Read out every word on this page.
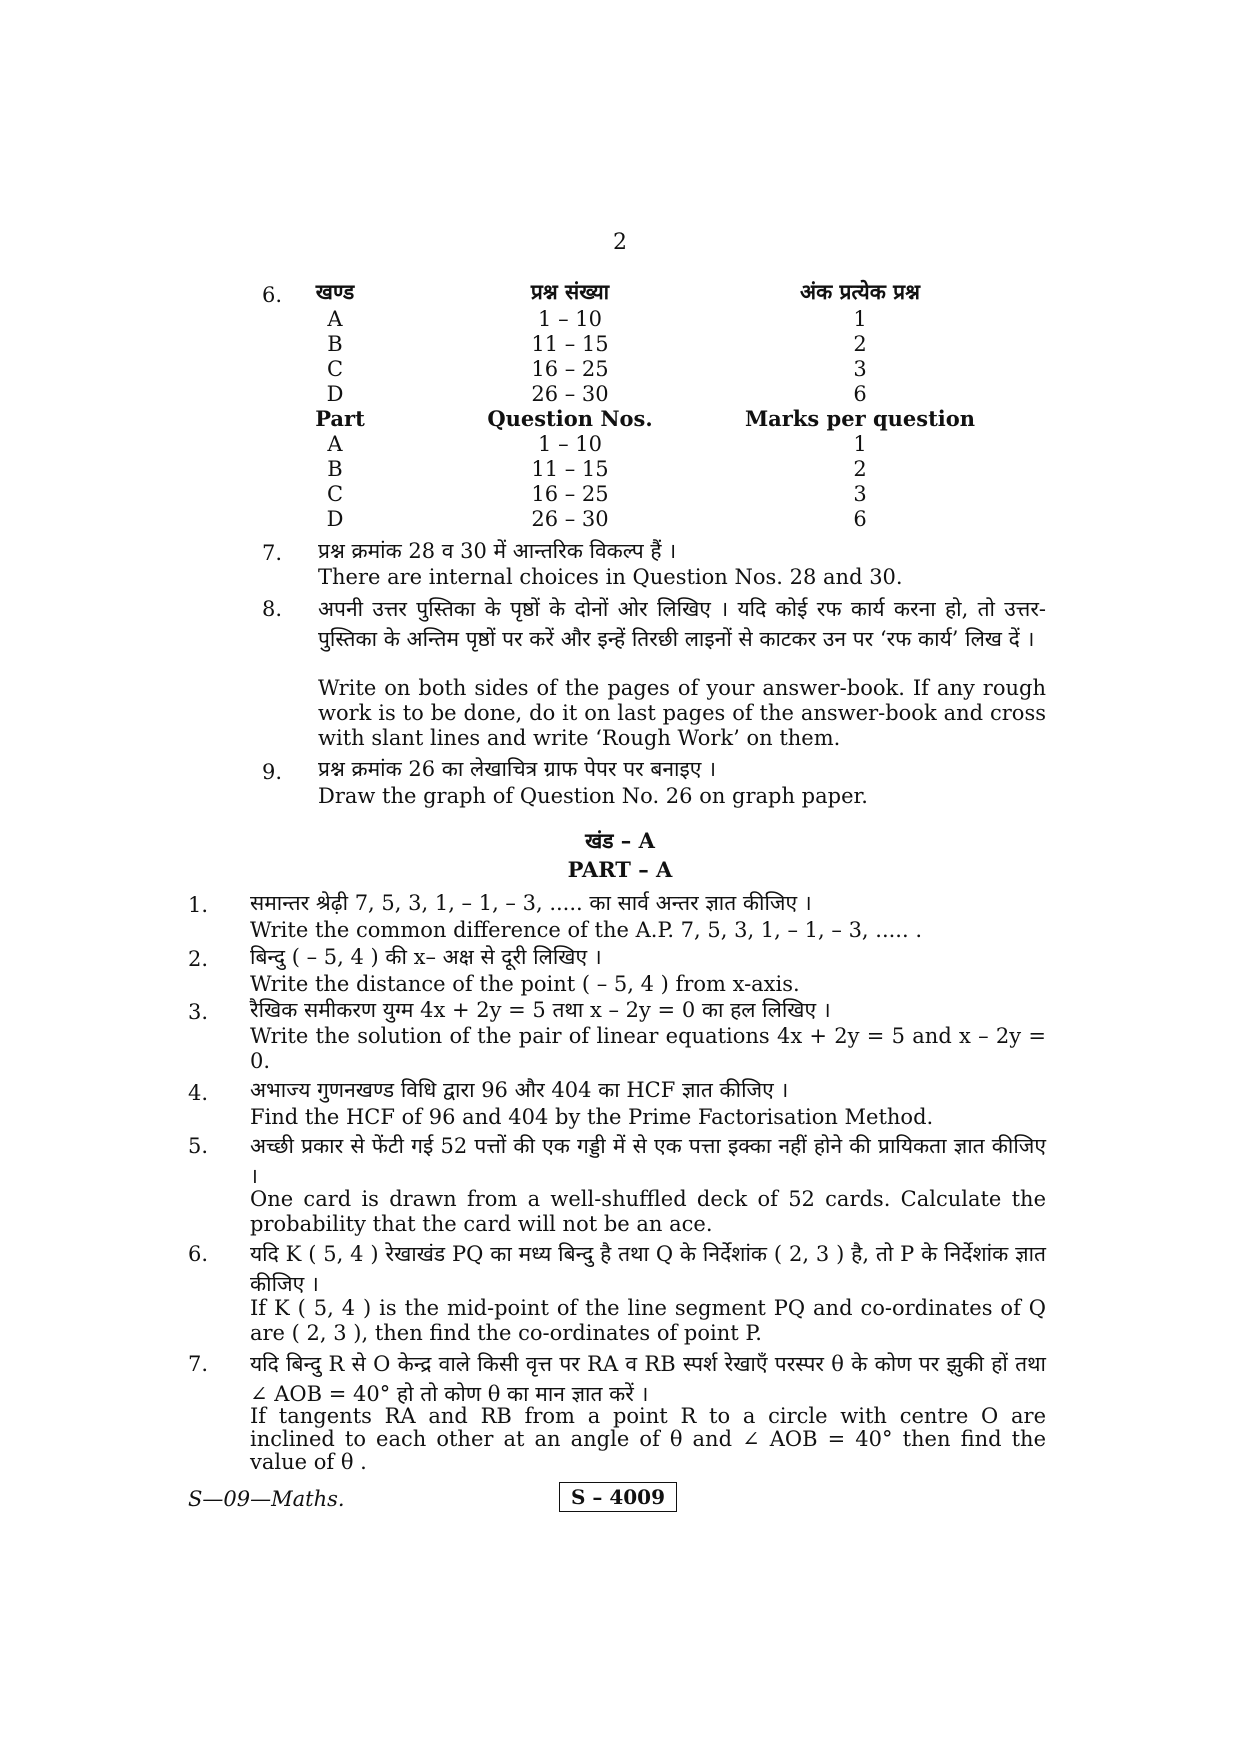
2
6.	खण्ड	प्रश्न संख्या	अंक प्रत्येक प्रश्न
A	1 – 10	1
B	11 – 15	2
C	16 – 25	3
D	26 – 30	6
Part	Question Nos.	Marks per question
A	1 – 10	1
B	11 – 15	2
C	16 – 25	3
D	26 – 30	6
7. प्रश्न क्रमांक 28 व 30 में आन्तरिक विकल्प हैं ।
There are internal choices in Question Nos. 28 and 30.
8. अपनी उत्तर पुस्तिका के पृष्ठों के दोनों ओर लिखिए । यदि कोई रफ कार्य करना हो, तो उत्तर-पुस्तिका के अन्तिम पृष्ठों पर करें और इन्हें तिरछी लाइनों से काटकर उन पर ‘रफ कार्य’ लिख दें ।
Write on both sides of the pages of your answer-book. If any rough work is to be done, do it on last pages of the answer-book and cross with slant lines and write ‘Rough Work’ on them.
9. प्रश्न क्रमांक 26 का लेखाचित्र ग्राफ पेपर पर बनाइए ।
Draw the graph of Question No. 26 on graph paper.
खंड – A
PART – A
1. समान्तर श्रेढ़ी 7, 5, 3, 1, – 1, – 3, ..... का सार्व अन्तर ज्ञात कीजिए ।
Write the common difference of the A.P. 7, 5, 3, 1, – 1, – 3, ..... .
2. बिन्दु ( – 5, 4 ) की x– अक्ष से दूरी लिखिए ।
Write the distance of the point ( – 5, 4 ) from x-axis.
3. रैखिक समीकरण युग्म 4x + 2y = 5 तथा x – 2y = 0 का हल लिखिए ।
Write the solution of the pair of linear equations 4x + 2y = 5 and x – 2y = 0.
4. अभाज्य गुणनखण्ड विधि द्वारा 96 और 404 का HCF ज्ञात कीजिए ।
Find the HCF of 96 and 404 by the Prime Factorisation Method.
5. अच्छी प्रकार से फेंटी गई 52 पत्तों की एक गड्डी में से एक पत्ता इक्का नहीं होने की प्रायिकता ज्ञात कीजिए ।
One card is drawn from a well-shuffled deck of 52 cards. Calculate the probability that the card will not be an ace.
6. यदि K ( 5, 4 ) रेखाखंड PQ का मध्य बिन्दु है तथा Q के निर्देशांक ( 2, 3 ) है, तो P के निर्देशांक ज्ञात कीजिए ।
If K ( 5, 4 ) is the mid-point of the line segment PQ and co-ordinates of Q are ( 2, 3 ), then find the co-ordinates of point P.
7. यदि बिन्दु R से O केन्द्र वाले किसी वृत्त पर RA व RB स्पर्श रेखाएँ परस्पर θ के कोण पर झुकी हों तथा ∠ AOB = 40° हो तो कोण θ का मान ज्ञात करें ।
If tangents RA and RB from a point R to a circle with centre O are inclined to each other at an angle of θ and ∠ AOB = 40° then find the value of θ .
S—09—Maths.	S – 4009
